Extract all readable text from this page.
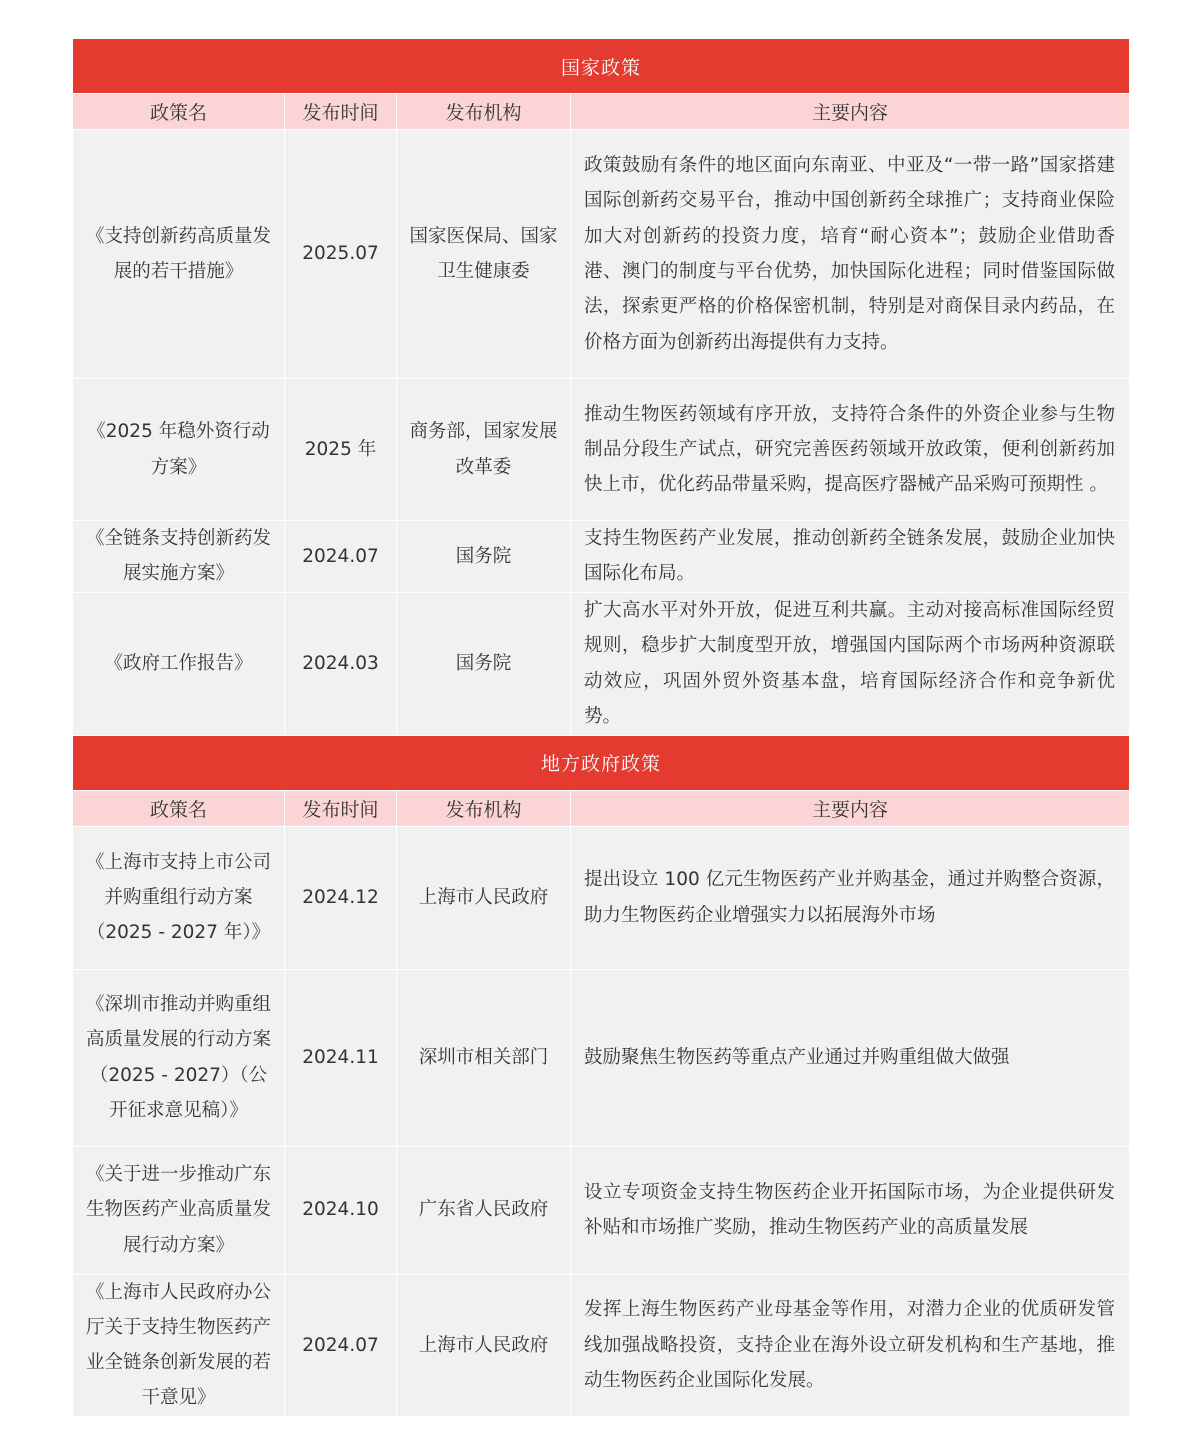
国家政策			
政策名	发布时间	发布机构	主要内容
《支持创新药高质量发展的若干措施》	2025.07	国家医保局、国家卫生健康委	政策鼓励有条件的地区面向东南亚、中亚及“一带一路”国家搭建国际创新药交易平台，推动中国创新药全球推广；支持商业保险加大对创新药的投资力度，培育“耐心资本”；鼓励企业借助香港、澳门的制度与平台优势，加快国际化进程；同时借鉴国际做法，探索更严格的价格保密机制，特别是对商保目录内药品，在价格方面为创新药出海提供有力支持。
《2025 年稳外资行动方案》	2025 年	商务部，国家发展改革委	推动生物医药领域有序开放，支持符合条件的外资企业参与生物制品分段生产试点，研究完善医药领域开放政策，便利创新药加快上市，优化药品带量采购，提高医疗器械产品采购可预期性 。
《全链条支持创新药发展实施方案》	2024.07	国务院	支持生物医药产业发展，推动创新药全链条发展，鼓励企业加快国际化布局。
《政府工作报告》	2024.03	国务院	扩大高水平对外开放，促进互利共赢。主动对接高标准国际经贸规则，稳步扩大制度型开放，增强国内国际两个市场两种资源联动效应，巩固外贸外资基本盘，培育国际经济合作和竞争新优势。
地方政府政策			
政策名	发布时间	发布机构	主要内容
《上海市支持上市公司并购重组行动方案（2025 - 2027 年）》	2024.12	上海市人民政府	提出设立 100 亿元生物医药产业并购基金，通过并购整合资源，助力生物医药企业增强实力以拓展海外市场
《深圳市推动并购重组高质量发展的行动方案（2025 - 2027）（公开征求意见稿）》	2024.11	深圳市相关部门	鼓励聚焦生物医药等重点产业通过并购重组做大做强
《关于进一步推动广东生物医药产业高质量发展行动方案》	2024.10	广东省人民政府	设立专项资金支持生物医药企业开拓国际市场，为企业提供研发补贴和市场推广奖励，推动生物医药产业的高质量发展
《上海市人民政府办公厅关于支持生物医药产业全链条创新发展的若干意见》	2024.07	上海市人民政府	发挥上海生物医药产业母基金等作用，对潜力企业的优质研发管线加强战略投资，支持企业在海外设立研发机构和生产基地，推动生物医药企业国际化发展。
